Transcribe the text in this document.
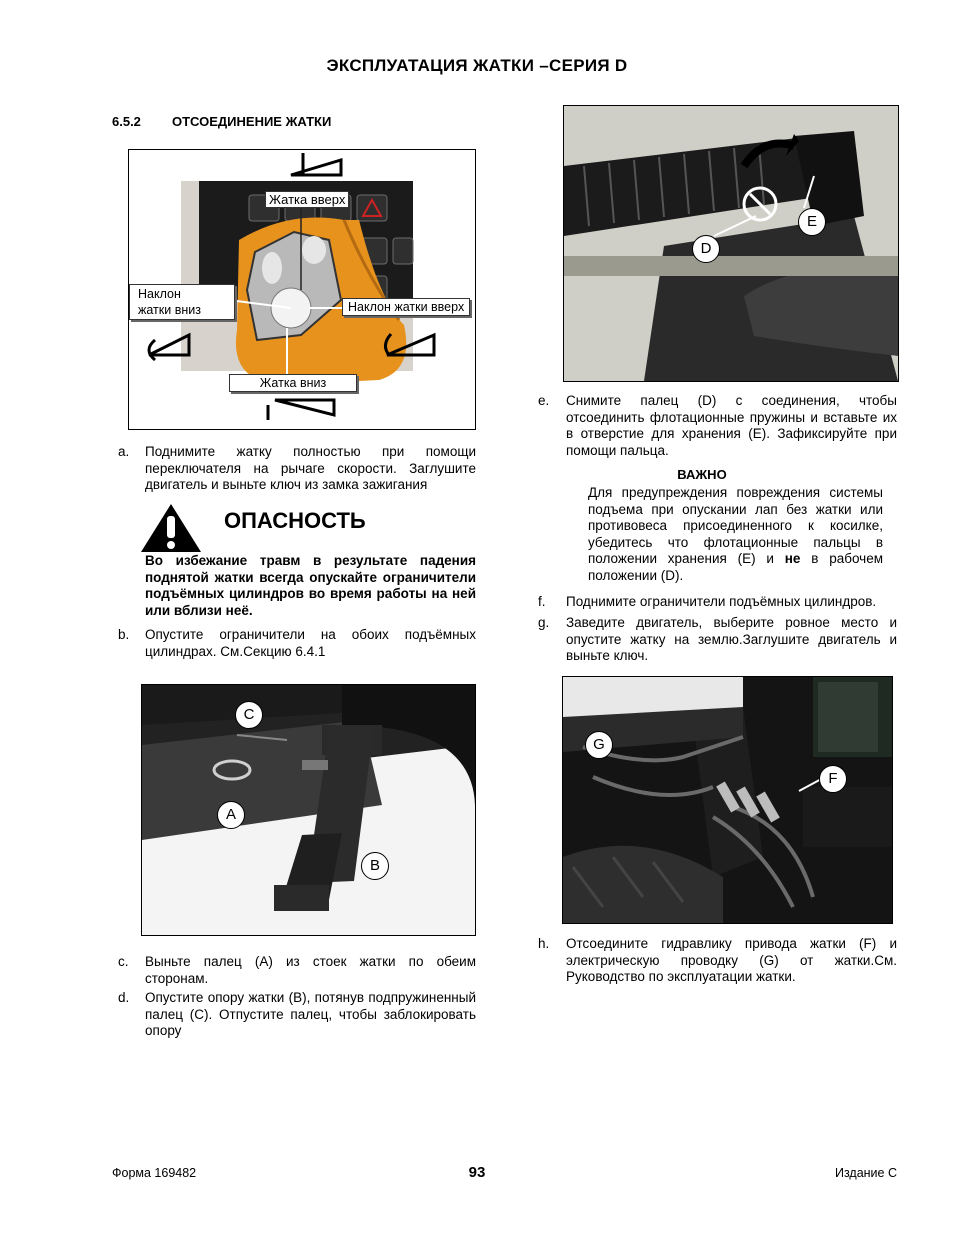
ЭКСПЛУАТАЦИЯ ЖАТКИ –СЕРИЯ D
6.5.2 ОТСОЕДИНЕНИЕ ЖАТКИ
Жатка вверх
Наклон
жатки вниз	Наклон жатки вверх
Жатка вниз
a. Поднимите жатку полностью при помощи переключателя на рычаге скорости. Заглушите двигатель и выньте ключ из замка зажигания
ОПАСНОСТЬ
Во избежание травм в результате падения поднятой жатки всегда опускайте ограничители подъёмных цилиндров во время работы на ней или вблизи неё.
b. Опустите ограничители на обоих подъёмных цилиндрах. См.Секцию 6.4.1
C
A
B
c. Выньте палец (A) из стоек жатки по обеим сторонам.
d. Опустите опору жатки (B), потянув подпружиненный палец (C). Отпустите палец, чтобы заблокировать опору
D
E
e. Снимите палец (D) с соединения, чтобы отсоединить флотационные пружины и вставьте их в отверстие для хранения (E). Зафиксируйте при помощи пальца.
ВАЖНО
Для предупреждения повреждения системы подъема при опускании лап без жатки или противовеса присоединенного к косилке, убедитесь что флотационные пальцы в положении хранения (E) и не в рабочем положении (D).
f. Поднимите ограничители подъёмных цилиндров.
g. Заведите двигатель, выберите ровное место и опустите жатку на землю.Заглушите двигатель и выньте ключ.
G
F
h. Отсоедините гидравлику привода жатки (F) и электрическую проводку (G) от жатки.См. Руководство по эксплуатации жатки.
Форма 169482	93	Издание C
